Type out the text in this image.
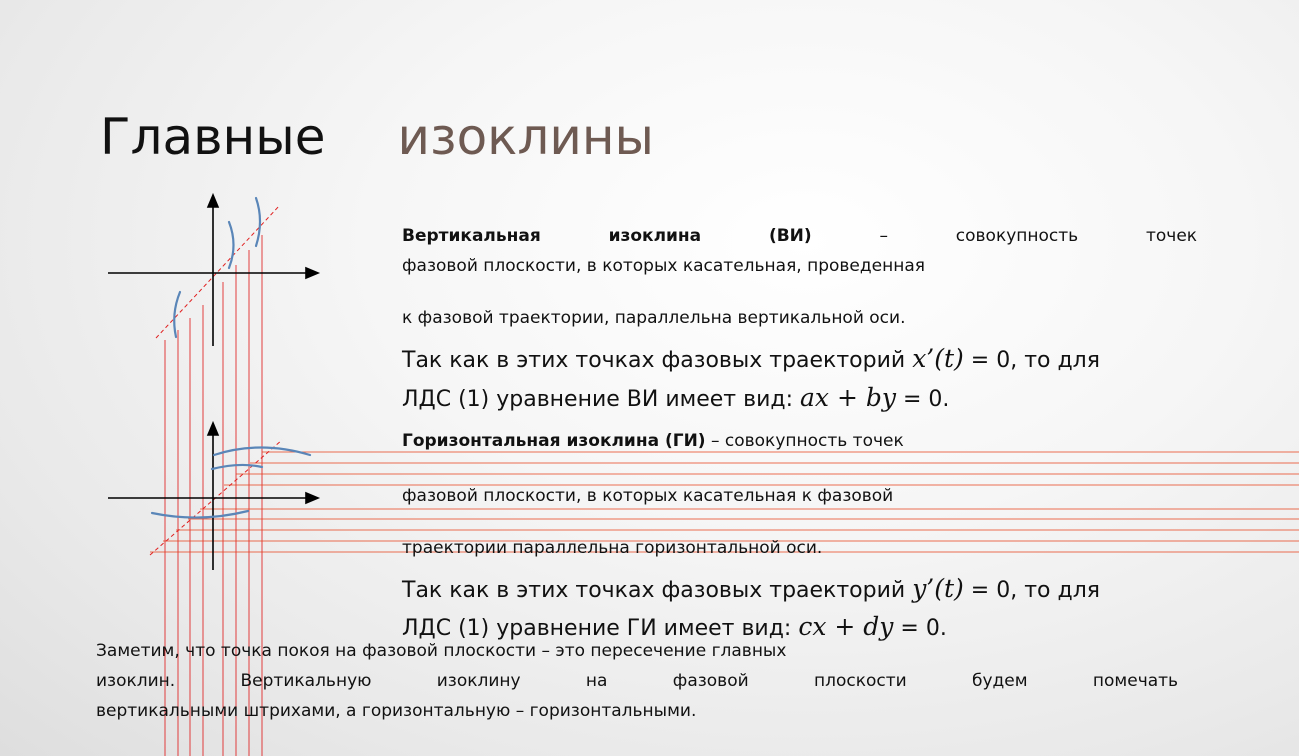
Главные изоклины
Вертикальная	изоклина	(ВИ)	–	совокупность	точек
фазовой плоскости, в которых касательная, проведенная
к фазовой траектории, параллельна вертикальной оси.
Так как в этих точках фазовых траекторий x’(t) = 0, то для
ЛДС (1) уравнение ВИ имеет вид: ax + by = 0.
Горизонтальная изоклина (ГИ) – совокупность точек
фазовой плоскости, в которых касательная к фазовой
траектории параллельна горизонтальной оси.
Так как в этих точках фазовых траекторий y’(t) = 0, то для
ЛДС (1) уравнение ГИ имеет вид: cx + dy = 0.
Заметим, что точка покоя на фазовой плоскости – это пересечение главных
изоклин.	Вертикальную	изоклину	на	фазовой	плоскости	будем	помечать
вертикальными штрихами, а горизонтальную – горизонтальными.
